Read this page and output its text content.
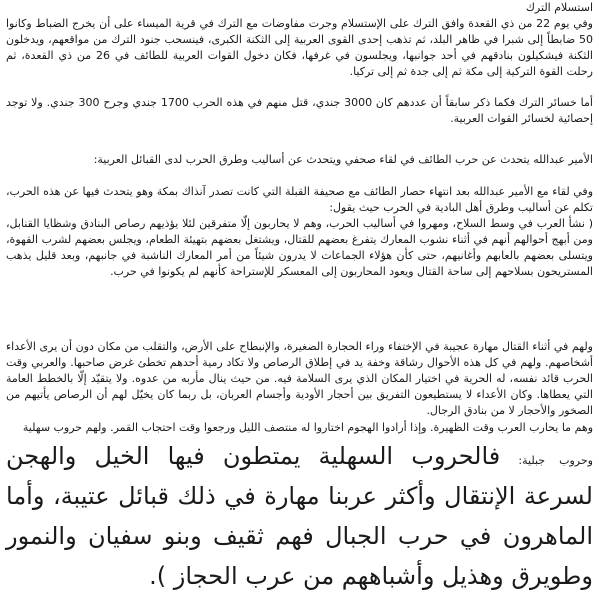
استسلام الترك
وفي يوم 22 من ذي القعدة وافق الترك على الإستسلام وجرت مفاوضات مع الترك في قرية الميساء على أن يخرج الضباط وكانوا 50 ضابطاً إلى شبرا في ظاهر البلد، ثم تذهب إحدى القوى العربية إلى الثكنة الكبرى، فينسحب جنود الترك من مواقعهم، ويدخلون الثكنة فيشكيلون بنادقهم في أحد جوانبها، ويجلسون في غرفها، فكان دخول القوات العربية للطائف في 26 من ذي القعدة، ثم رحلت القوة التركية إلى مكة ثم إلى جدة ثم إلى تركيا.

أما خسائر الترك فكما ذكر سابقاً أن عددهم كان 3000 جندي، قتل منهم في هذه الحرب 1700 جندي وجرح 300 جندي. ولا توجد إحصائية لخسائر القوات العربية.

الأمير عبدالله يتحدث عن حرب الطائف في لقاء صحفي ويتحدث عن أساليب وطرق الحرب لدى القبائل العربية:

وفي لقاء مع الأمير عبدالله بعد انتهاء حصار الطائف مع صحيفة القبلة التي كانت تصدر آنذاك بمكة وهو يتحدث فيها عن هذه الحرب، تكلم عن أساليب وطرق أهل البادية في الحرب حيث يقول:

( نشأ العرب في وسط السلاح، ومهروا في أساليب الحرب، وهم لا يحاربون إلّا متفرقين لئلا يؤذيهم رصاص البنادق وشظايا القنابل، ومن أبهج أحوالهم أنهم في أثناء نشوب المعارك يتفرغ بعضهم للقتال، ويشتغل بعضهم بتهيئة الطعام، ويجلس بعضهم لشرب القهوة، ويتسلى بعضهم بالعابهم وأغانيهم، حتى كأن هؤلاء الجماعات لا يدرون شيئاً من أمر المعارك الناشبة في جانبهم، وبعد قليل يذهب المستريحون بسلاحهم إلى ساحة القتال ويعود المحاربون إلى المعسكر للإستراحة كأنهم لم يكونوا في حرب.

ولهم في أثناء القتال مهارة عجيبة في الإختفاء وراء الحجارة الصغيرة، والإنبطاح على الأرض، والتقلب من مكان دون أن يرى الأعداء أشخاصهم. ولهم في كل هذه الأحوال رشاقة وخفة يد في إطلاق الرصاص ولا تكاد رمية أحدهم تخطئ غرض صاحبها. والعربي وقت الحرب قائد نفسه، له الحرية في اختيار المكان الذي يرى السلامة فيه. من حيث ينال مأربه من عدوه. ولا يتقيّد إلّا بالخطط العامة التي يعطاها. وكان الأعداء لا يستطيعون التفريق بين أحجار الأودية وأجسام العربان، بل ربما كان يخيّل لهم أن الرصاص يأتيهم من الصخور والأحجار لا من بنادق الرجال.

وهم ما يحارب العرب وقت الظهيرة. وإذا أرادوا الهجوم اختاروا له منتصف الليل ورجعوا وقت احتجاب القمر. ولهم حروب سهلية

وحروب جبلية: فالحروب السهلية يمتطون فيها الخيل والهجن لسرعة الإنتقال وأكثر عربنا مهارة في ذلك قبائل عتيبة، وأما الماهرون في حرب الجبال فهم ثقيف وبنو سفيان والنمور وطويرق وهذيل وأشباههم من عرب الحجاز ).
